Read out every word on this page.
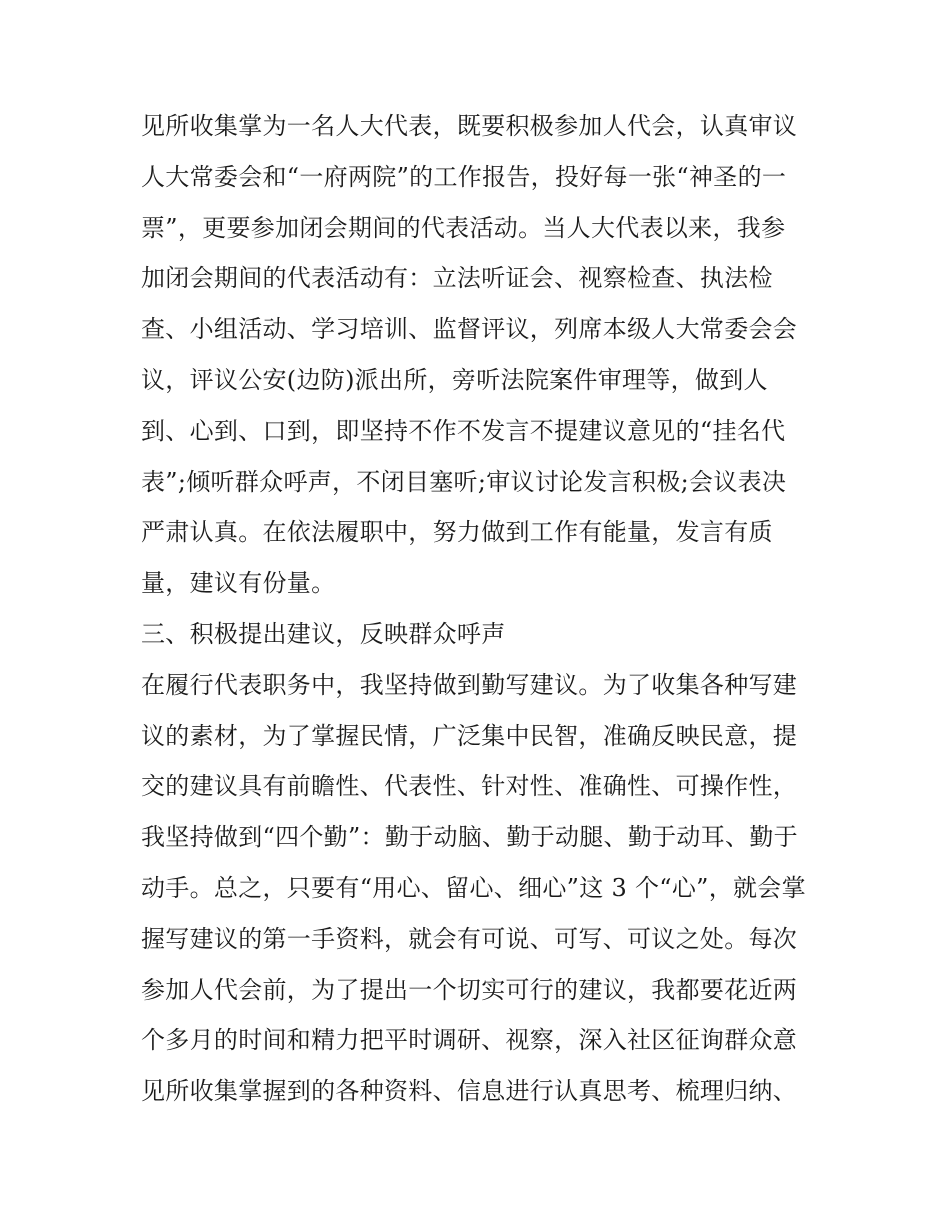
见所收集掌为一名人大代表，既要积极参加人代会，认真审议
人大常委会和“一府两院”的工作报告，投好每一张“神圣的一
票”，更要参加闭会期间的代表活动。当人大代表以来，我参
加闭会期间的代表活动有：立法听证会、视察检查、执法检
查、小组活动、学习培训、监督评议，列席本级人大常委会会
议，评议公安(边防)派出所，旁听法院案件审理等，做到人
到、心到、口到，即坚持不作不发言不提建议意见的“挂名代
表”;倾听群众呼声，不闭目塞听;审议讨论发言积极;会议表决
严肃认真。在依法履职中，努力做到工作有能量，发言有质
量，建议有份量。
三、积极提出建议，反映群众呼声
在履行代表职务中，我坚持做到勤写建议。为了收集各种写建
议的素材，为了掌握民情，广泛集中民智，准确反映民意，提
交的建议具有前瞻性、代表性、针对性、准确性、可操作性，
我坚持做到“四个勤”：勤于动脑、勤于动腿、勤于动耳、勤于
动手。总之，只要有“用心、留心、细心”这 3 个“心”，就会掌
握写建议的第一手资料，就会有可说、可写、可议之处。每次
参加人代会前，为了提出一个切实可行的建议，我都要花近两
个多月的时间和精力把平时调研、视察，深入社区征询群众意
见所收集掌握到的各种资料、信息进行认真思考、梳理归纳、
